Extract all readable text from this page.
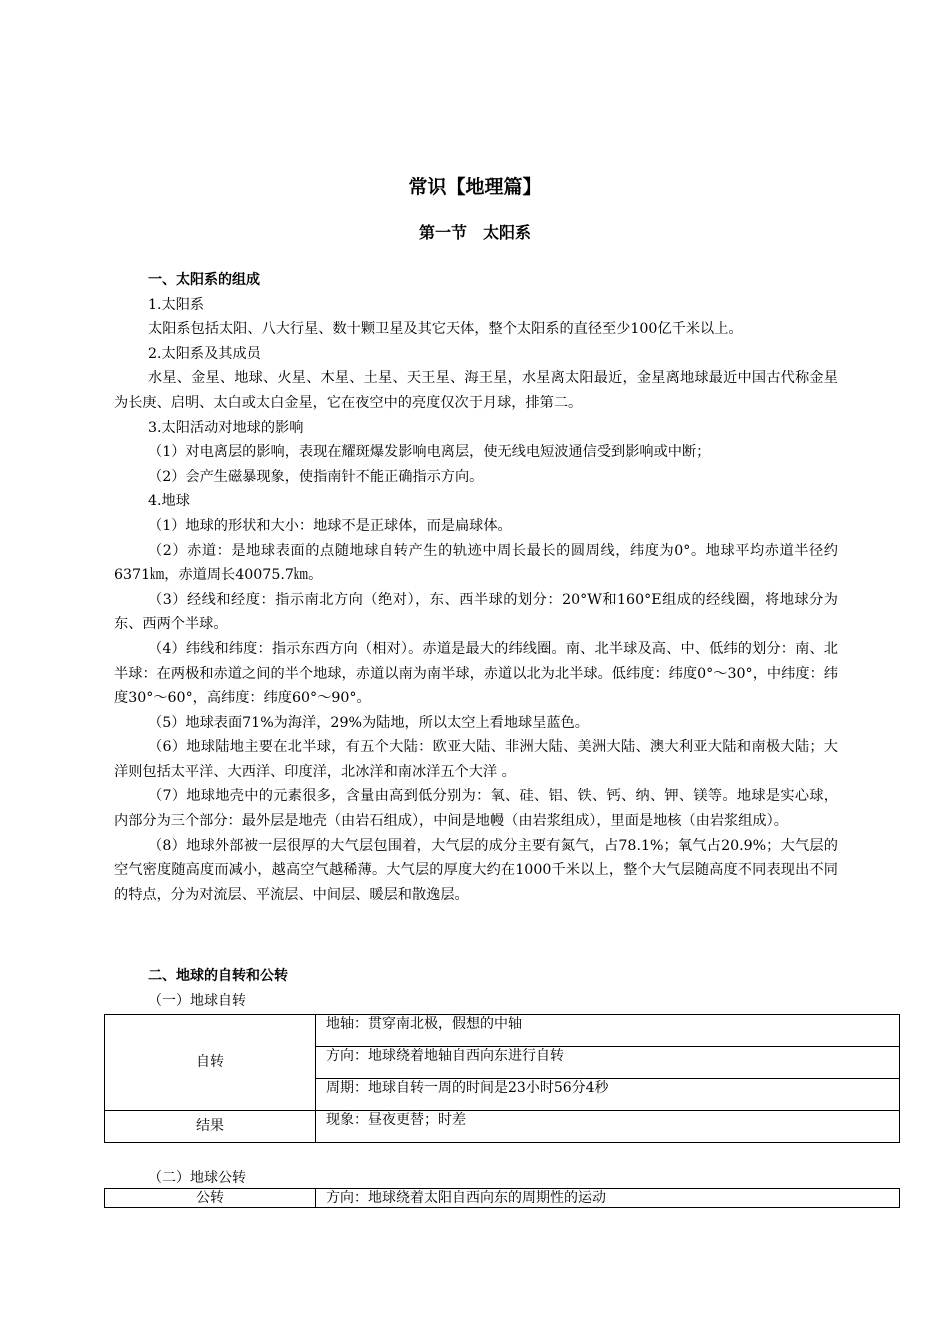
常识【地理篇】
第一节　太阳系

一、太阳系的组成

1.太阳系

太阳系包括太阳、八大行星、数十颗卫星及其它天体，整个太阳系的直径至少100亿千米以上。

2.太阳系及其成员

水星、金星、地球、火星、木星、土星、天王星、海王星，水星离太阳最近，金星离地球最近中国古代称金星为长庚、启明、太白或太白金星，它在夜空中的亮度仅次于月球，排第二。

3.太阳活动对地球的影响

（1）对电离层的影响，表现在耀斑爆发影响电离层，使无线电短波通信受到影响或中断；

（2）会产生磁暴现象，使指南针不能正确指示方向。

4.地球

（1）地球的形状和大小：地球不是正球体，而是扁球体。

（2）赤道：是地球表面的点随地球自转产生的轨迹中周长最长的圆周线，纬度为0°。地球平均赤道半径约6371㎞，赤道周长40075.7㎞。

（3）经线和经度：指示南北方向（绝对），东、西半球的划分：20°W和160°E组成的经线圈，将地球分为东、西两个半球。

（4）纬线和纬度：指示东西方向（相对）。赤道是最大的纬线圈。南、北半球及高、中、低纬的划分：南、北半球：在两极和赤道之间的半个地球，赤道以南为南半球，赤道以北为北半球。低纬度：纬度0°～30°，中纬度：纬度30°～60°，高纬度：纬度60°～90°。

（5）地球表面71%为海洋，29%为陆地，所以太空上看地球呈蓝色。

（6）地球陆地主要在北半球，有五个大陆：欧亚大陆、非洲大陆、美洲大陆、澳大利亚大陆和南极大陆；大洋则包括太平洋、大西洋、印度洋，北冰洋和南冰洋五个大洋 。

（7）地球地壳中的元素很多，含量由高到低分别为：氧、硅、铝、铁、钙、纳、钾、镁等。地球是实心球，内部分为三个部分：最外层是地壳（由岩石组成），中间是地幔（由岩浆组成），里面是地核（由岩浆组成）。

（8）地球外部被一层很厚的大气层包围着，大气层的成分主要有氮气，占78.1%；氧气占20.9%；大气层的空气密度随高度而减小，越高空气越稀薄。大气层的厚度大约在1000千米以上，整个大气层随高度不同表现出不同的特点，分为对流层、平流层、中间层、暖层和散逸层。

二、地球的自转和公转
（一）地球自转
自转	地轴：贯穿南北极，假想的中轴
	方向：地球绕着地轴自西向东进行自转
	周期：地球自转一周的时间是23小时56分4秒
结果	现象：昼夜更替；时差
（二）地球公转
公转	方向：地球绕着太阳自西向东的周期性的运动
